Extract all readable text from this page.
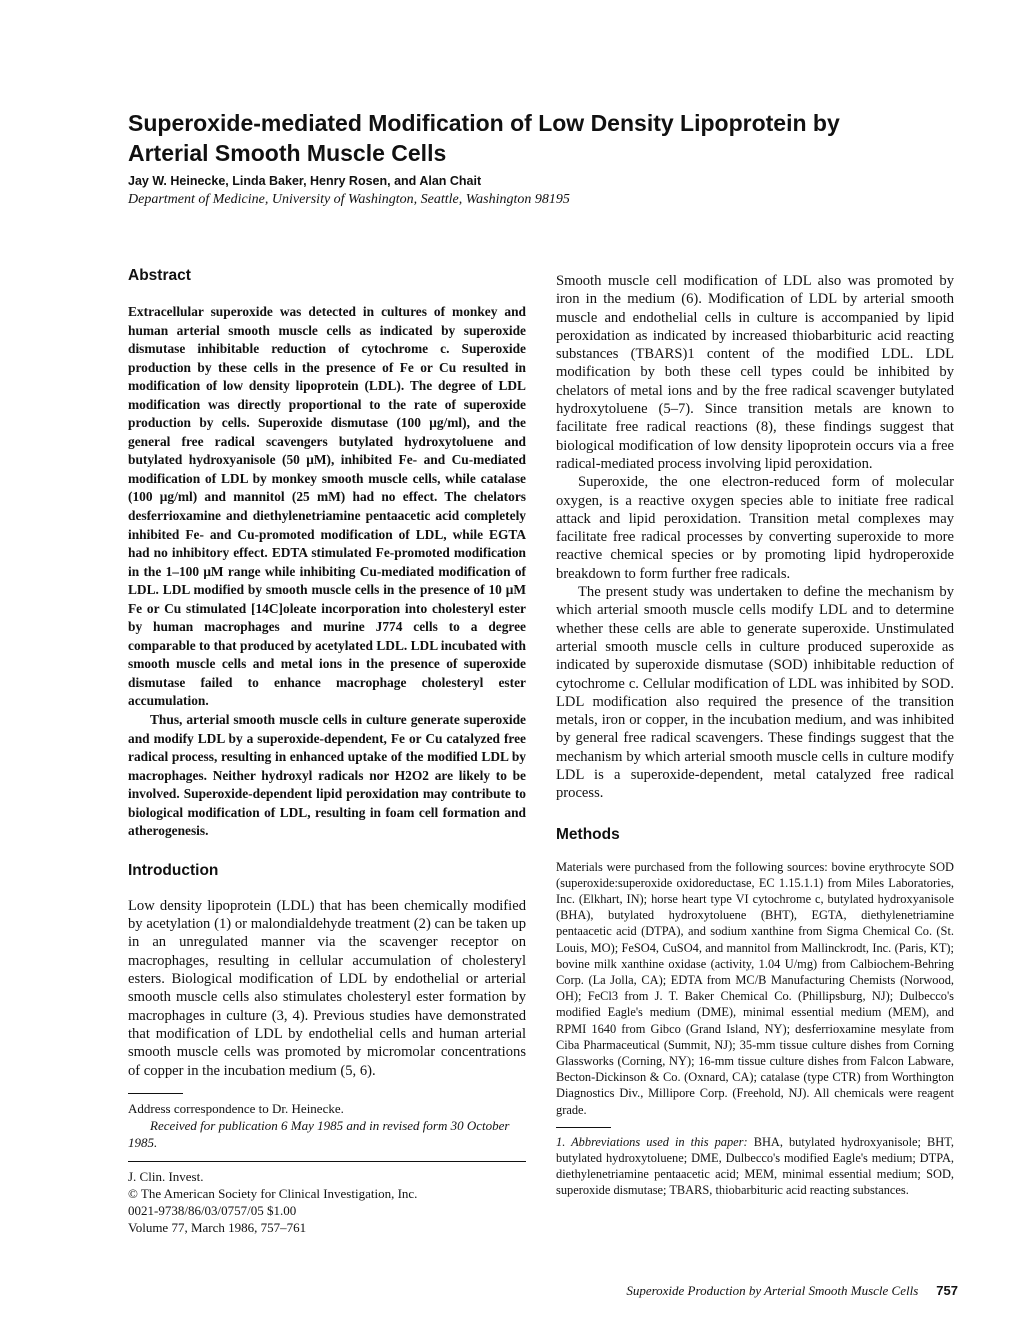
Superoxide-mediated Modification of Low Density Lipoprotein by Arterial Smooth Muscle Cells
Jay W. Heinecke, Linda Baker, Henry Rosen, and Alan Chait
Department of Medicine, University of Washington, Seattle, Washington 98195
Abstract

Extracellular superoxide was detected in cultures of monkey and human arterial smooth muscle cells as indicated by superoxide dismutase inhibitable reduction of cytochrome c. Superoxide production by these cells in the presence of Fe or Cu resulted in modification of low density lipoprotein (LDL). The degree of LDL modification was directly proportional to the rate of superoxide production by cells. Superoxide dismutase (100 μg/ml), and the general free radical scavengers butylated hydroxytoluene and butylated hydroxyanisole (50 μM), inhibited Fe- and Cu-mediated modification of LDL by monkey smooth muscle cells, while catalase (100 μg/ml) and mannitol (25 mM) had no effect. The chelators desferrioxamine and diethylenetriamine pentaacetic acid completely inhibited Fe- and Cu-promoted modification of LDL, while EGTA had no inhibitory effect. EDTA stimulated Fe-promoted modification in the 1–100 μM range while inhibiting Cu-mediated modification of LDL. LDL modified by smooth muscle cells in the presence of 10 μM Fe or Cu stimulated [14C]oleate incorporation into cholesteryl ester by human macrophages and murine J774 cells to a degree comparable to that produced by acetylated LDL. LDL incubated with smooth muscle cells and metal ions in the presence of superoxide dismutase failed to enhance macrophage cholesteryl ester accumulation.

Thus, arterial smooth muscle cells in culture generate superoxide and modify LDL by a superoxide-dependent, Fe or Cu catalyzed free radical process, resulting in enhanced uptake of the modified LDL by macrophages. Neither hydroxyl radicals nor H2O2 are likely to be involved. Superoxide-dependent lipid peroxidation may contribute to biological modification of LDL, resulting in foam cell formation and atherogenesis.

Introduction

Low density lipoprotein (LDL) that has been chemically modified by acetylation (1) or malondialdehyde treatment (2) can be taken up in an unregulated manner via the scavenger receptor on macrophages, resulting in cellular accumulation of cholesteryl esters. Biological modification of LDL by endothelial or arterial smooth muscle cells also stimulates cholesteryl ester formation by macrophages in culture (3, 4). Previous studies have demonstrated that modification of LDL by endothelial cells and human arterial smooth muscle cells was promoted by micromolar concentrations of copper in the incubation medium (5, 6).

Address correspondence to Dr. Heinecke.

Received for publication 6 May 1985 and in revised form 30 October 1985.

J. Clin. Invest.

© The American Society for Clinical Investigation, Inc.

0021-9738/86/03/0757/05 $1.00

Volume 77, March 1986, 757–761

Smooth muscle cell modification of LDL also was promoted by iron in the medium (6). Modification of LDL by arterial smooth muscle and endothelial cells in culture is accompanied by lipid peroxidation as indicated by increased thiobarbituric acid reacting substances (TBARS)1 content of the modified LDL. LDL modification by both these cell types could be inhibited by chelators of metal ions and by the free radical scavenger butylated hydroxytoluene (5–7). Since transition metals are known to facilitate free radical reactions (8), these findings suggest that biological modification of low density lipoprotein occurs via a free radical-mediated process involving lipid peroxidation.

Superoxide, the one electron-reduced form of molecular oxygen, is a reactive oxygen species able to initiate free radical attack and lipid peroxidation. Transition metal complexes may facilitate free radical processes by converting superoxide to more reactive chemical species or by promoting lipid hydroperoxide breakdown to form further free radicals.

The present study was undertaken to define the mechanism by which arterial smooth muscle cells modify LDL and to determine whether these cells are able to generate superoxide. Unstimulated arterial smooth muscle cells in culture produced superoxide as indicated by superoxide dismutase (SOD) inhibitable reduction of cytochrome c. Cellular modification of LDL was inhibited by SOD. LDL modification also required the presence of the transition metals, iron or copper, in the incubation medium, and was inhibited by general free radical scavengers. These findings suggest that the mechanism by which arterial smooth muscle cells in culture modify LDL is a superoxide-dependent, metal catalyzed free radical process.

Methods

Materials were purchased from the following sources: bovine erythrocyte SOD (superoxide:superoxide oxidoreductase, EC 1.15.1.1) from Miles Laboratories, Inc. (Elkhart, IN); horse heart type VI cytochrome c, butylated hydroxyanisole (BHA), butylated hydroxytoluene (BHT), EGTA, diethylenetriamine pentaacetic acid (DTPA), and sodium xanthine from Sigma Chemical Co. (St. Louis, MO); FeSO4, CuSO4, and mannitol from Mallinckrodt, Inc. (Paris, KT); bovine milk xanthine oxidase (activity, 1.04 U/mg) from Calbiochem-Behring Corp. (La Jolla, CA); EDTA from MC/B Manufacturing Chemists (Norwood, OH); FeCl3 from J. T. Baker Chemical Co. (Phillipsburg, NJ); Dulbecco's modified Eagle's medium (DME), minimal essential medium (MEM), and RPMI 1640 from Gibco (Grand Island, NY); desferrioxamine mesylate from Ciba Pharmaceutical (Summit, NJ); 35-mm tissue culture dishes from Corning Glassworks (Corning, NY); 16-mm tissue culture dishes from Falcon Labware, Becton-Dickinson & Co. (Oxnard, CA); catalase (type CTR) from Worthington Diagnostics Div., Millipore Corp. (Freehold, NJ). All chemicals were reagent grade.

1. Abbreviations used in this paper: BHA, butylated hydroxyanisole; BHT, butylated hydroxytoluene; DME, Dulbecco's modified Eagle's medium; DTPA, diethylenetriamine pentaacetic acid; MEM, minimal essential medium; SOD, superoxide dismutase; TBARS, thiobarbituric acid reacting substances.

Superoxide Production by Arterial Smooth Muscle Cells 757
